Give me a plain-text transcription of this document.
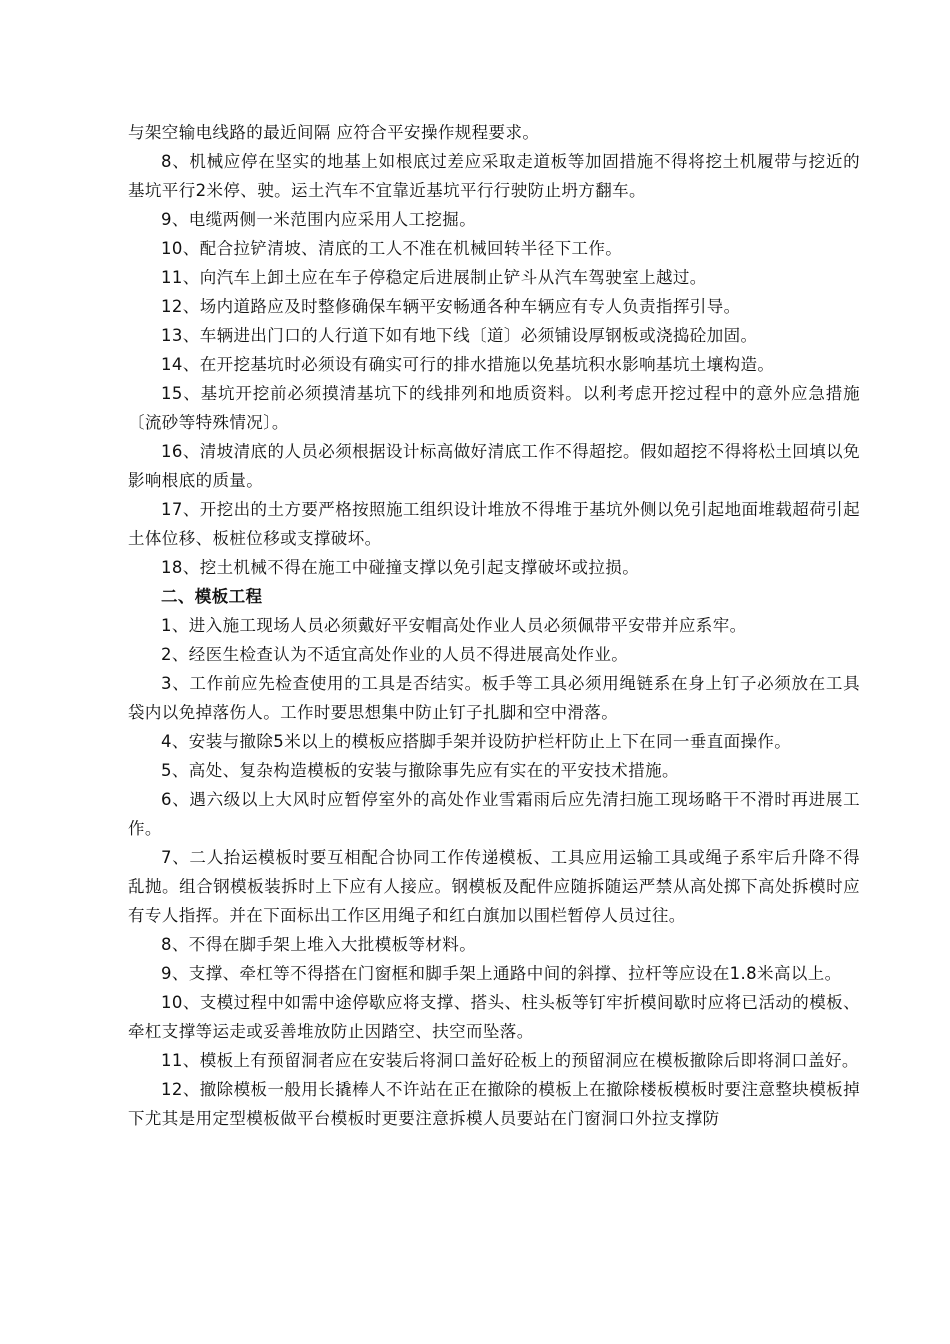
与架空输电线路的最近间隔 应符合平安操作规程要求。

8、机械应停在坚实的地基上如根底过差应采取走道板等加固措施不得将挖土机履带与挖近的基坑平行2米停、驶。运土汽车不宜靠近基坑平行行驶防止坍方翻车。

9、电缆两侧一米范围内应采用人工挖掘。

10、配合拉铲清坡、清底的工人不准在机械回转半径下工作。

11、向汽车上卸土应在车子停稳定后进展制止铲斗从汽车驾驶室上越过。

12、场内道路应及时整修确保车辆平安畅通各种车辆应有专人负责指挥引导。

13、车辆进出门口的人行道下如有地下线〔道〕必须铺设厚钢板或浇捣砼加固。

14、在开挖基坑时必须设有确实可行的排水措施以免基坑积水影响基坑土壤构造。

15、基坑开挖前必须摸清基坑下的线排列和地质资料。以利考虑开挖过程中的意外应急措施〔流砂等特殊情况〕。

16、清坡清底的人员必须根据设计标高做好清底工作不得超挖。假如超挖不得将松土回填以免影响根底的质量。

17、开挖出的土方要严格按照施工组织设计堆放不得堆于基坑外侧以免引起地面堆载超荷引起土体位移、板桩位移或支撑破坏。

18、挖土机械不得在施工中碰撞支撑以免引起支撑破坏或拉损。

二、模板工程

1、进入施工现场人员必须戴好平安帽高处作业人员必须佩带平安带并应系牢。

2、经医生检查认为不适宜高处作业的人员不得进展高处作业。

3、工作前应先检查使用的工具是否结实。板手等工具必须用绳链系在身上钉子必须放在工具袋内以免掉落伤人。工作时要思想集中防止钉子扎脚和空中滑落。

4、安装与撤除5米以上的模板应搭脚手架并设防护栏杆防止上下在同一垂直面操作。

5、高处、复杂构造模板的安装与撤除事先应有实在的平安技术措施。

6、遇六级以上大风时应暂停室外的高处作业雪霜雨后应先清扫施工现场略干不滑时再进展工作。

7、二人抬运模板时要互相配合协同工作传递模板、工具应用运输工具或绳子系牢后升降不得乱抛。组合钢模板装拆时上下应有人接应。钢模板及配件应随拆随运严禁从高处掷下高处拆模时应有专人指挥。并在下面标出工作区用绳子和红白旗加以围栏暂停人员过往。

8、不得在脚手架上堆入大批模板等材料。

9、支撑、牵杠等不得搭在门窗框和脚手架上通路中间的斜撑、拉杆等应设在1.8米高以上。

10、支模过程中如需中途停歇应将支撑、搭头、柱头板等钉牢折模间歇时应将已活动的模板、牵杠支撑等运走或妥善堆放防止因踏空、扶空而坠落。

11、模板上有预留洞者应在安装后将洞口盖好砼板上的预留洞应在模板撤除后即将洞口盖好。

12、撤除模板一般用长撬棒人不许站在正在撤除的模板上在撤除楼板模板时要注意整块模板掉下尤其是用定型模板做平台模板时更要注意拆模人员要站在门窗洞口外拉支撑防
